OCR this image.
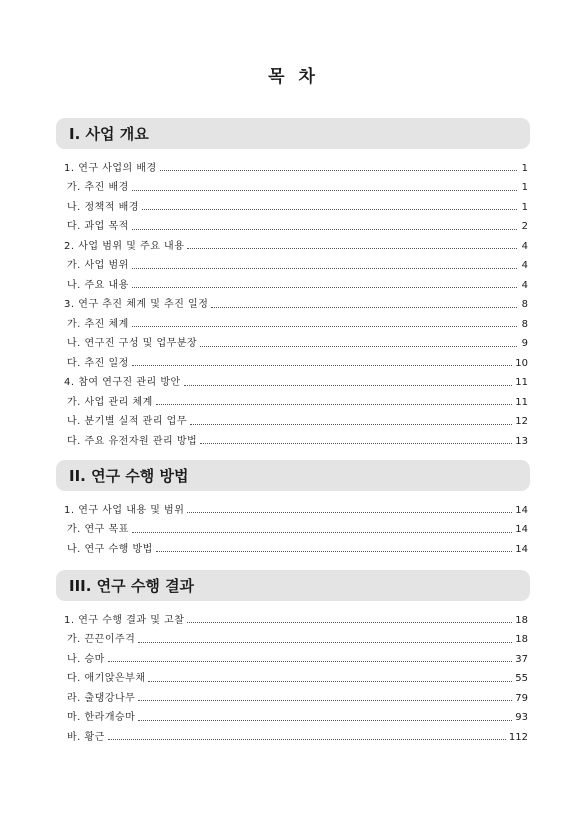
목 차
I. 사업 개요
1. 연구 사업의 배경	1
가. 추진 배경	1
나. 정책적 배경	1
다. 과업 목적	2
2. 사업 범위 및 주요 내용	4
가. 사업 범위	4
나. 주요 내용	4
3. 연구 추진 체계 및 추진 일정	8
가. 추진 체계	8
나. 연구진 구성 및 업무분장	9
다. 추진 일정	10
4. 참여 연구진 관리 방안	11
가. 사업 관리 체계	11
나. 분기별 실적 관리 업무	12
다. 주요 유전자원 관리 방법	13
II. 연구 수행 방법
1. 연구 사업 내용 및 범위	14
가. 연구 목표	14
나. 연구 수행 방법	14
III. 연구 수행 결과
1. 연구 수행 결과 및 고찰	18
가. 끈끈이주걱	18
나. 승마	37
다. 애기앉은부채	55
라. 출댕강나무	79
마. 한라개승마	93
바. 황근	112
